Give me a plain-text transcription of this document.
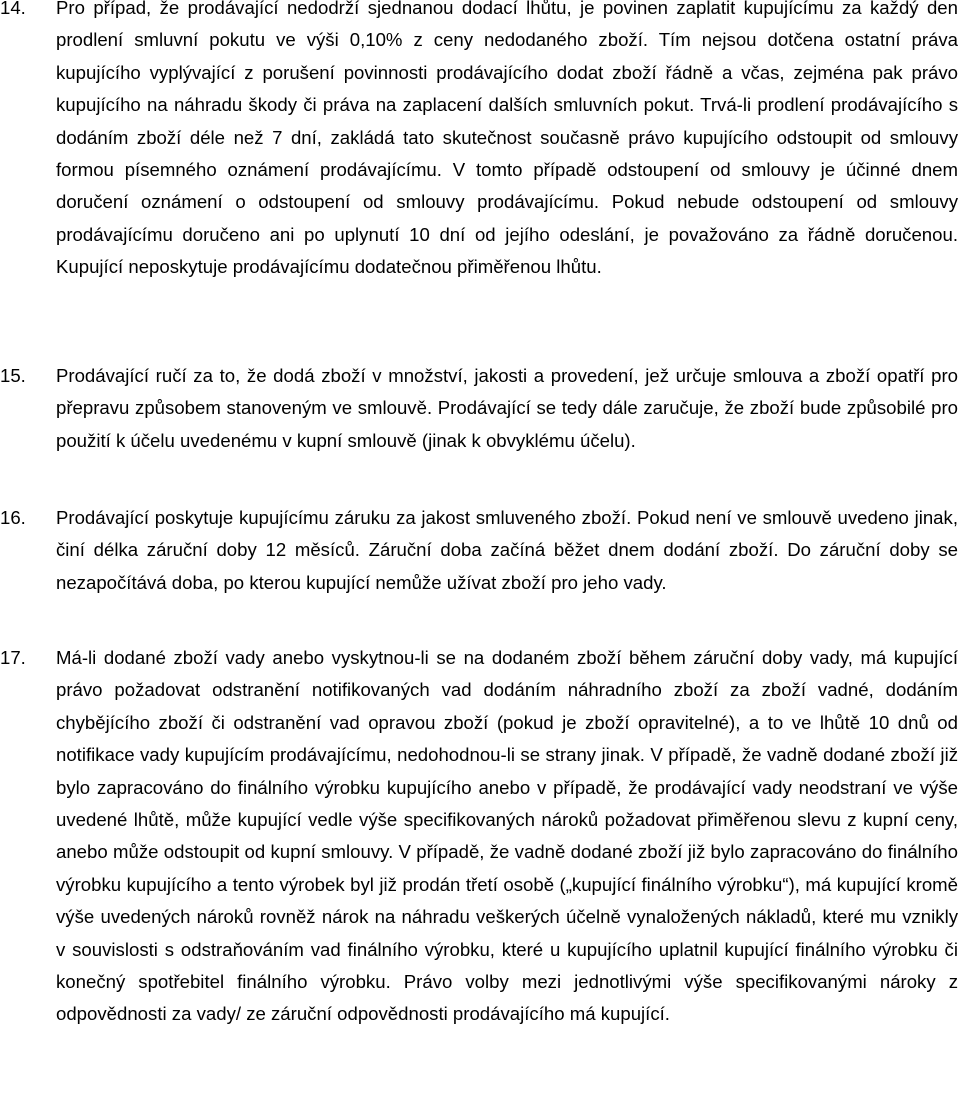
14.	Pro případ, že prodávající nedodrží sjednanou dodací lhůtu, je povinen zaplatit kupujícímu za každý den prodlení smluvní pokutu ve výši 0,10% z ceny nedodaného zboží. Tím nejsou dotčena ostatní práva kupujícího vyplývající z porušení povinnosti prodávajícího dodat zboží řádně a včas, zejména pak právo kupujícího na náhradu škody či práva na zaplacení dalších smluvních pokut. Trvá-li prodlení prodávajícího s dodáním zboží déle než 7 dní, zakládá tato skutečnost současně právo kupujícího odstoupit od smlouvy formou písemného oznámení prodávajícímu. V tomto případě odstoupení od smlouvy je účinné dnem doručení oznámení o odstoupení od smlouvy prodávajícímu. Pokud nebude odstoupení od smlouvy prodávajícímu doručeno ani po uplynutí 10 dní od jejího odeslání, je považováno za řádně doručenou. Kupující neposkytuje prodávajícímu dodatečnou přiměřenou lhůtu.

15.	Prodávající ručí za to, že dodá zboží v množství, jakosti a provedení, jež určuje smlouva a zboží opatří pro přepravu způsobem stanoveným ve smlouvě. Prodávající se tedy dále zaručuje, že zboží bude způsobilé pro použití k účelu uvedenému v kupní smlouvě (jinak k obvyklému účelu).

16.	Prodávající poskytuje kupujícímu záruku za jakost smluveného zboží. Pokud není ve smlouvě uvedeno jinak, činí délka záruční doby 12 měsíců. Záruční doba začíná běžet dnem dodání zboží. Do záruční doby se nezapočítává doba, po kterou kupující nemůže užívat zboží pro jeho vady.

17.	Má-li dodané zboží vady anebo vyskytnou-li se na dodaném zboží během záruční doby vady, má kupující právo požadovat odstranění notifikovaných vad dodáním náhradního zboží za zboží vadné, dodáním chybějícího zboží či odstranění vad opravou zboží (pokud je zboží opravitelné), a to ve lhůtě 10 dnů od notifikace vady kupujícím prodávajícímu, nedohodnou-li se strany jinak. V případě, že vadně dodané zboží již bylo zapracováno do finálního výrobku kupujícího anebo v případě, že prodávající vady neodstraní ve výše uvedené lhůtě, může kupující vedle výše specifikovaných nároků požadovat přiměřenou slevu z kupní ceny, anebo může odstoupit od kupní smlouvy. V případě, že vadně dodané zboží již bylo zapracováno do finálního výrobku kupujícího a tento výrobek byl již prodán třetí osobě („kupující finálního výrobku“), má kupující kromě výše uvedených nároků rovněž nárok na náhradu veškerých účelně vynaložených nákladů, které mu vznikly v souvislosti s odstraňováním vad finálního výrobku, které u kupujícího uplatnil kupující finálního výrobku či konečný spotřebitel finálního výrobku. Právo volby mezi jednotlivými výše specifikovanými nároky z odpovědnosti za vady/ ze záruční odpovědnosti prodávajícího má kupující.
